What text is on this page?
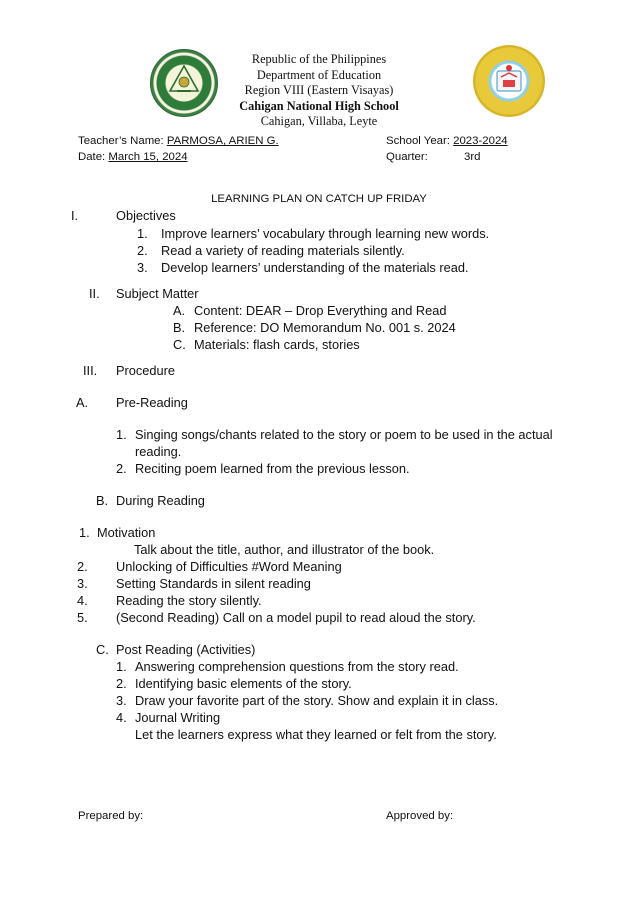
Republic of the Philippines
Department of Education
Region VIII (Eastern Visayas)
Cahigan National High School
Cahigan, Villaba, Leyte
Teacher’s Name: PARMOSA, ARIEN G.
Date: March 15, 2024
School Year: 2023-2024
Quarter:	3rd
LEARNING PLAN ON CATCH UP FRIDAY
I.	Objectives
1. Improve learners’ vocabulary through learning new words.
2. Read a variety of reading materials silently.
3. Develop learners’ understanding of the materials read.
II. Subject Matter
A. Content: DEAR – Drop Everything and Read
B. Reference: DO Memorandum No. 001 s. 2024
C. Materials: flash cards, stories
III. Procedure
A. Pre-Reading
1. Singing songs/chants related to the story or poem to be used in the actual
reading.
2. Reciting poem learned from the previous lesson.
B. During Reading
1. Motivation
Talk about the title, author, and illustrator of the book.
2. Unlocking of Difficulties #Word Meaning
3. Setting Standards in silent reading
4. Reading the story silently.
5. (Second Reading) Call on a model pupil to read aloud the story.
C. Post Reading (Activities)
1. Answering comprehension questions from the story read.
2. Identifying basic elements of the story.
3. Draw your favorite part of the story. Show and explain it in class.
4. Journal Writing
Let the learners express what they learned or felt from the story.
Prepared by:	Approved by:
